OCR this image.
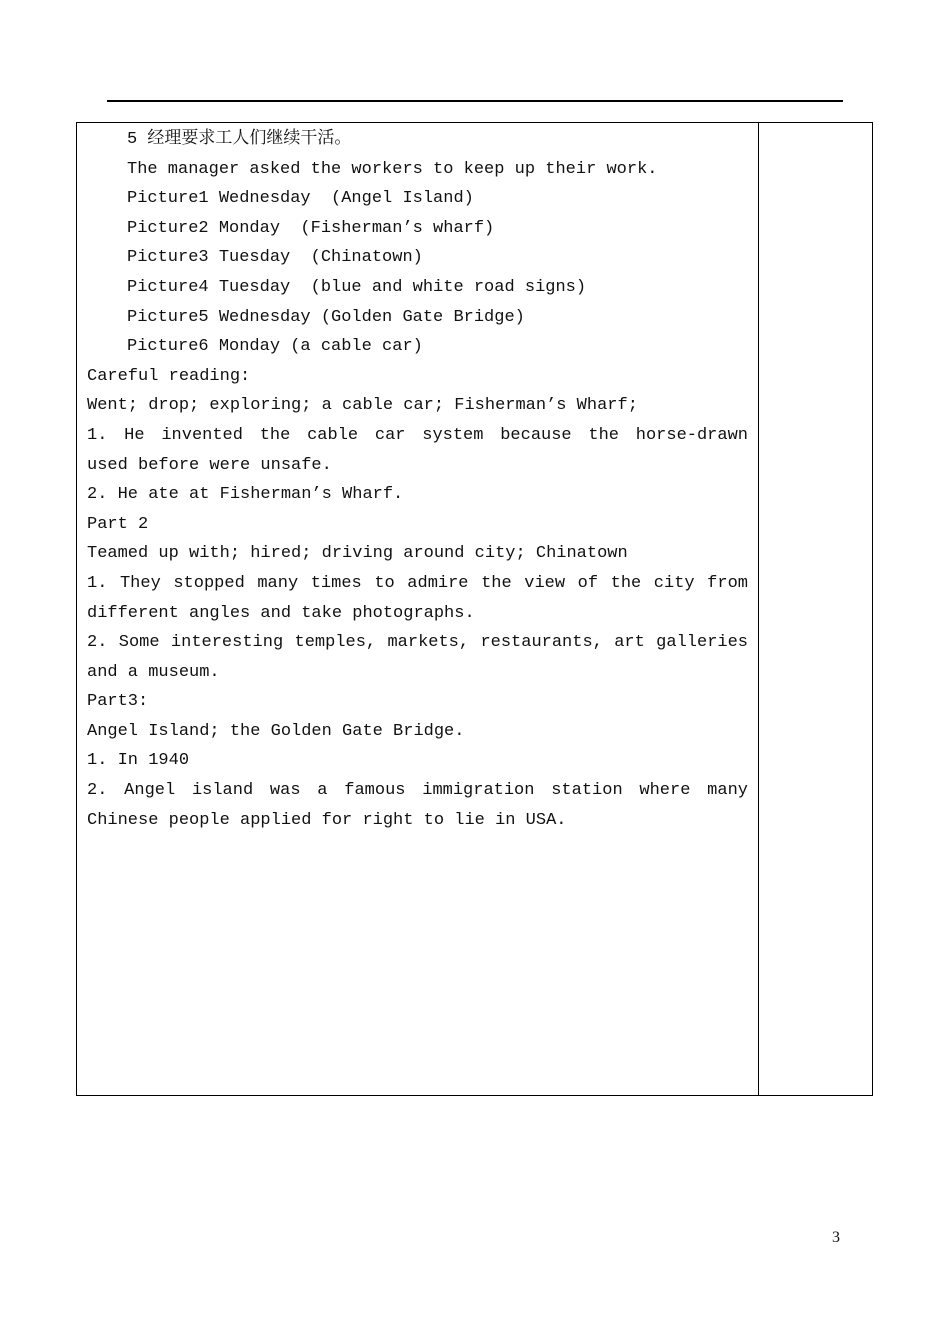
5 经理要求工人们继续干活。
The manager asked the workers to keep up their work.
Picture1 Wednesday  (Angel Island)
Picture2 Monday  (Fisherman’s wharf)
Picture3 Tuesday  (Chinatown)
Picture4 Tuesday  (blue and white road signs)
Picture5 Wednesday (Golden Gate Bridge)
Picture6 Monday (a cable car)
Careful reading:
Went; drop; exploring; a cable car; Fisherman’s Wharf;
1. He invented the cable car system because the horse-drawn
used before were unsafe.
2. He ate at Fisherman’s Wharf.
Part 2
Teamed up with; hired; driving around city; Chinatown
1. They stopped many times to admire the view of the city from
different angles and take photographs.
2. Some interesting temples, markets, restaurants, art galleries
and a museum.
Part3:
Angel Island; the Golden Gate Bridge.
1. In 1940
2. Angel island was a famous immigration station where many
Chinese people applied for right to lie in USA.
3
